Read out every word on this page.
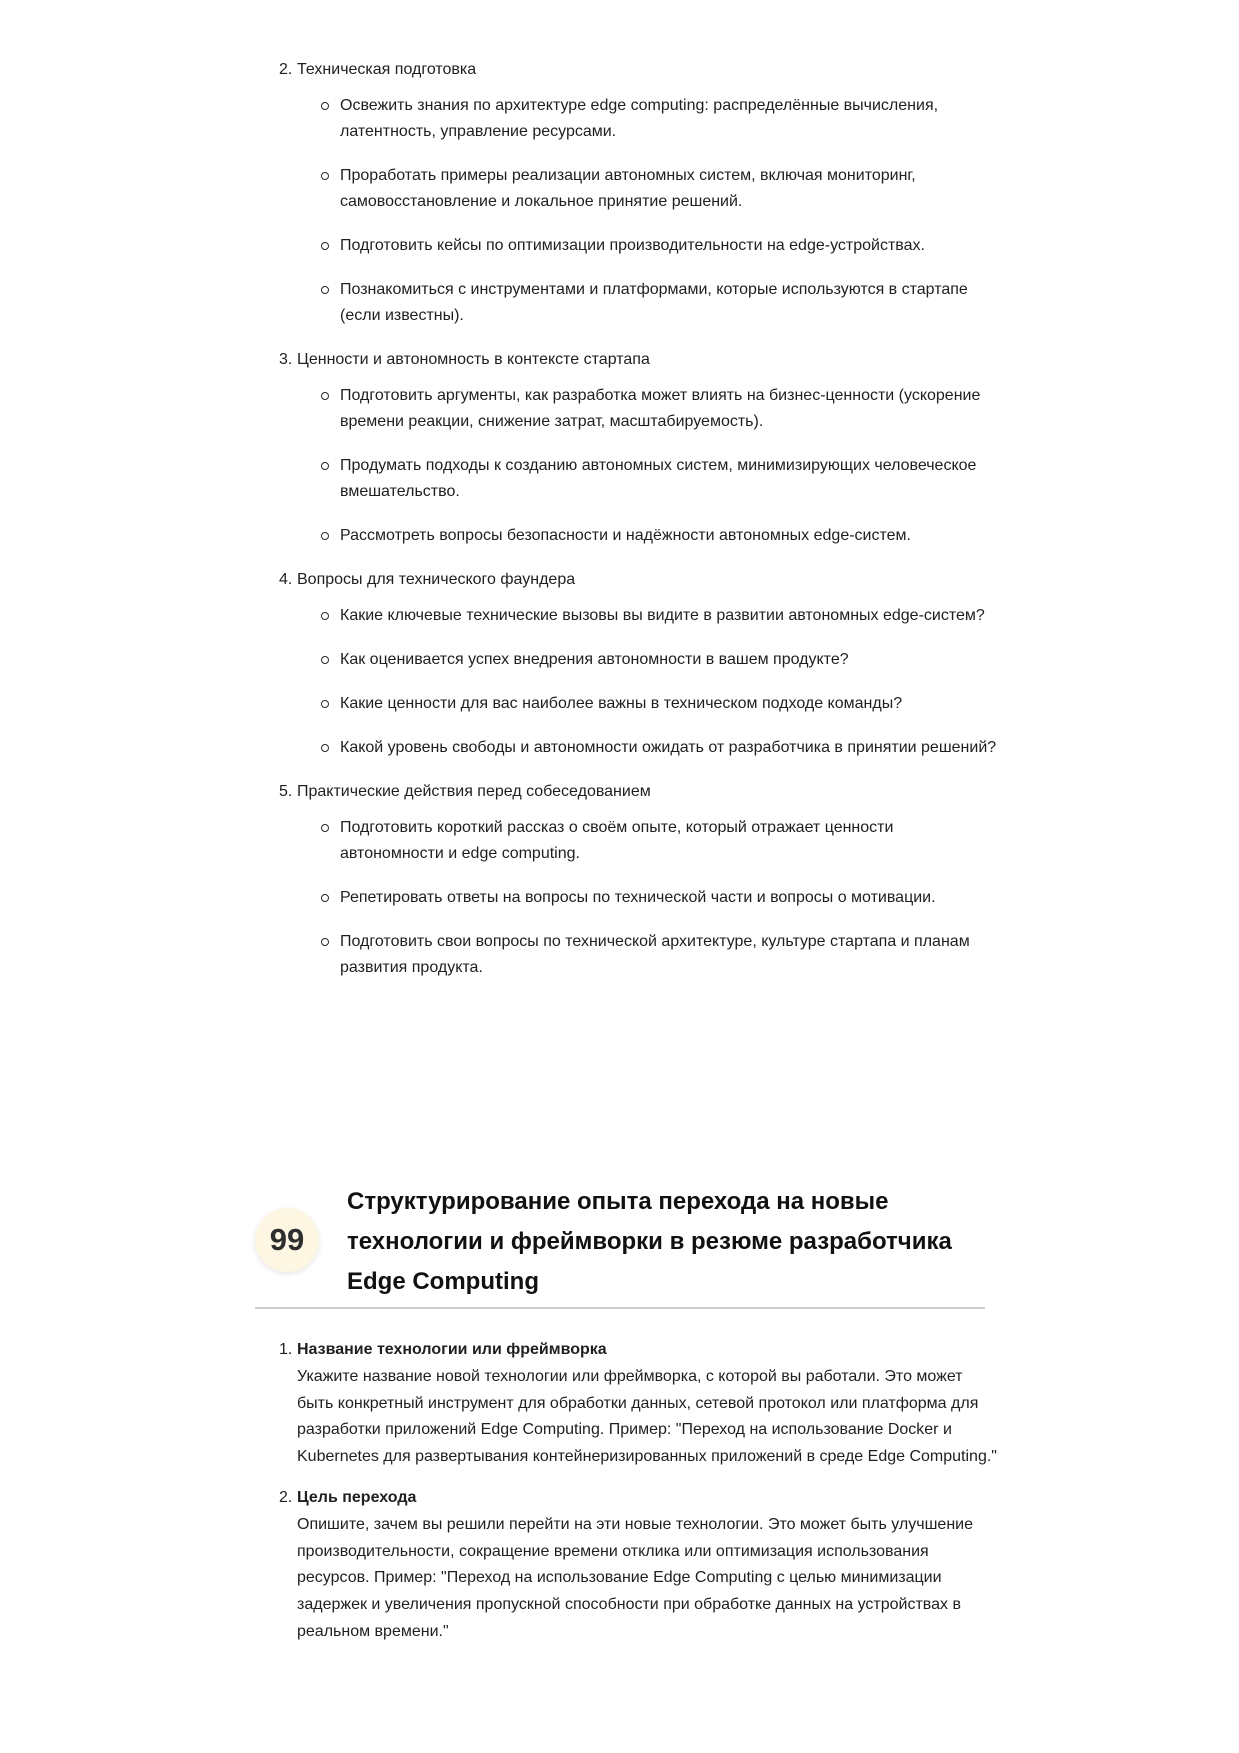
2. Техническая подготовка
Освежить знания по архитектуре edge computing: распределённые вычисления, латентность, управление ресурсами.
Проработать примеры реализации автономных систем, включая мониторинг, самовосстановление и локальное принятие решений.
Подготовить кейсы по оптимизации производительности на edge-устройствах.
Познакомиться с инструментами и платформами, которые используются в стартапе (если известны).
3. Ценности и автономность в контексте стартапа
Подготовить аргументы, как разработка может влиять на бизнес-ценности (ускорение времени реакции, снижение затрат, масштабируемость).
Продумать подходы к созданию автономных систем, минимизирующих человеческое вмешательство.
Рассмотреть вопросы безопасности и надёжности автономных edge-систем.
4. Вопросы для технического фаундера
Какие ключевые технические вызовы вы видите в развитии автономных edge-систем?
Как оценивается успех внедрения автономности в вашем продукте?
Какие ценности для вас наиболее важны в техническом подходе команды?
Какой уровень свободы и автономности ожидать от разработчика в принятии решений?
5. Практические действия перед собеседованием
Подготовить короткий рассказ о своём опыте, который отражает ценности автономности и edge computing.
Репетировать ответы на вопросы по технической части и вопросы о мотивации.
Подготовить свои вопросы по технической архитектуре, культуре стартапа и планам развития продукта.
99
Структурирование опыта перехода на новые технологии и фреймворки в резюме разработчика Edge Computing
1. Название технологии или фреймворка
Укажите название новой технологии или фреймворка, с которой вы работали. Это может быть конкретный инструмент для обработки данных, сетевой протокол или платформа для разработки приложений Edge Computing. Пример: "Переход на использование Docker и Kubernetes для развертывания контейнеризированных приложений в среде Edge Computing."
2. Цель перехода
Опишите, зачем вы решили перейти на эти новые технологии. Это может быть улучшение производительности, сокращение времени отклика или оптимизация использования ресурсов. Пример: "Переход на использование Edge Computing с целью минимизации задержек и увеличения пропускной способности при обработке данных на устройствах в реальном времени."
